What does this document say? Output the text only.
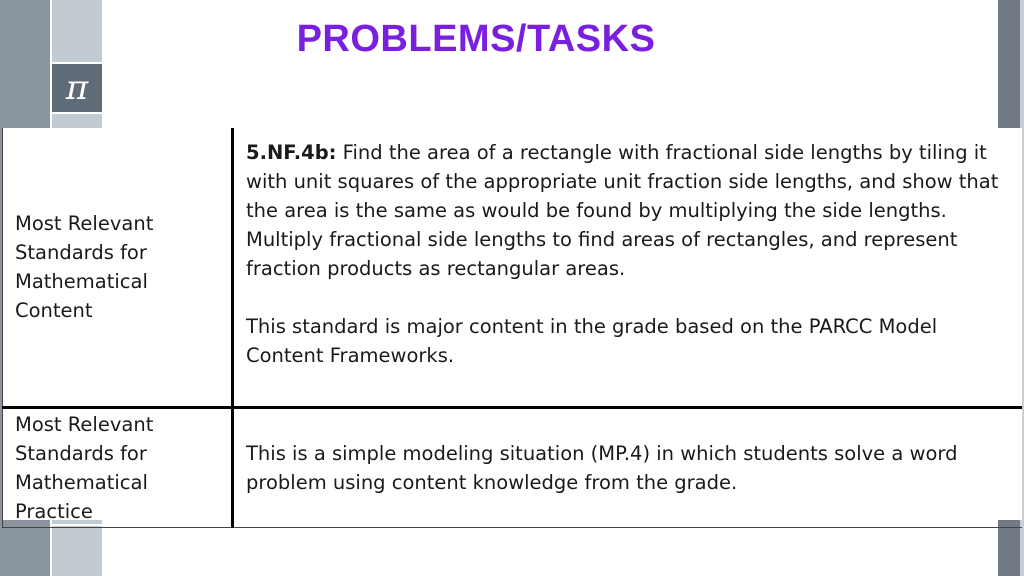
π
PROBLEMS/TASKS
Most Relevant Standards for Mathematical Content	5.NF.4b: Find the area of a rectangle with fractional side lengths by tiling it with unit squares of the appropriate unit fraction side lengths, and show that the area is the same as would be found by multiplying the side lengths. Multiply fractional side lengths to find areas of rectangles, and represent fraction products as rectangular areas.

This standard is major content in the grade based on the PARCC Model Content Frameworks.

Most Relevant Standards for Mathematical Practice	This is a simple modeling situation (MP.4) in which students solve a word problem using content knowledge from the grade.
